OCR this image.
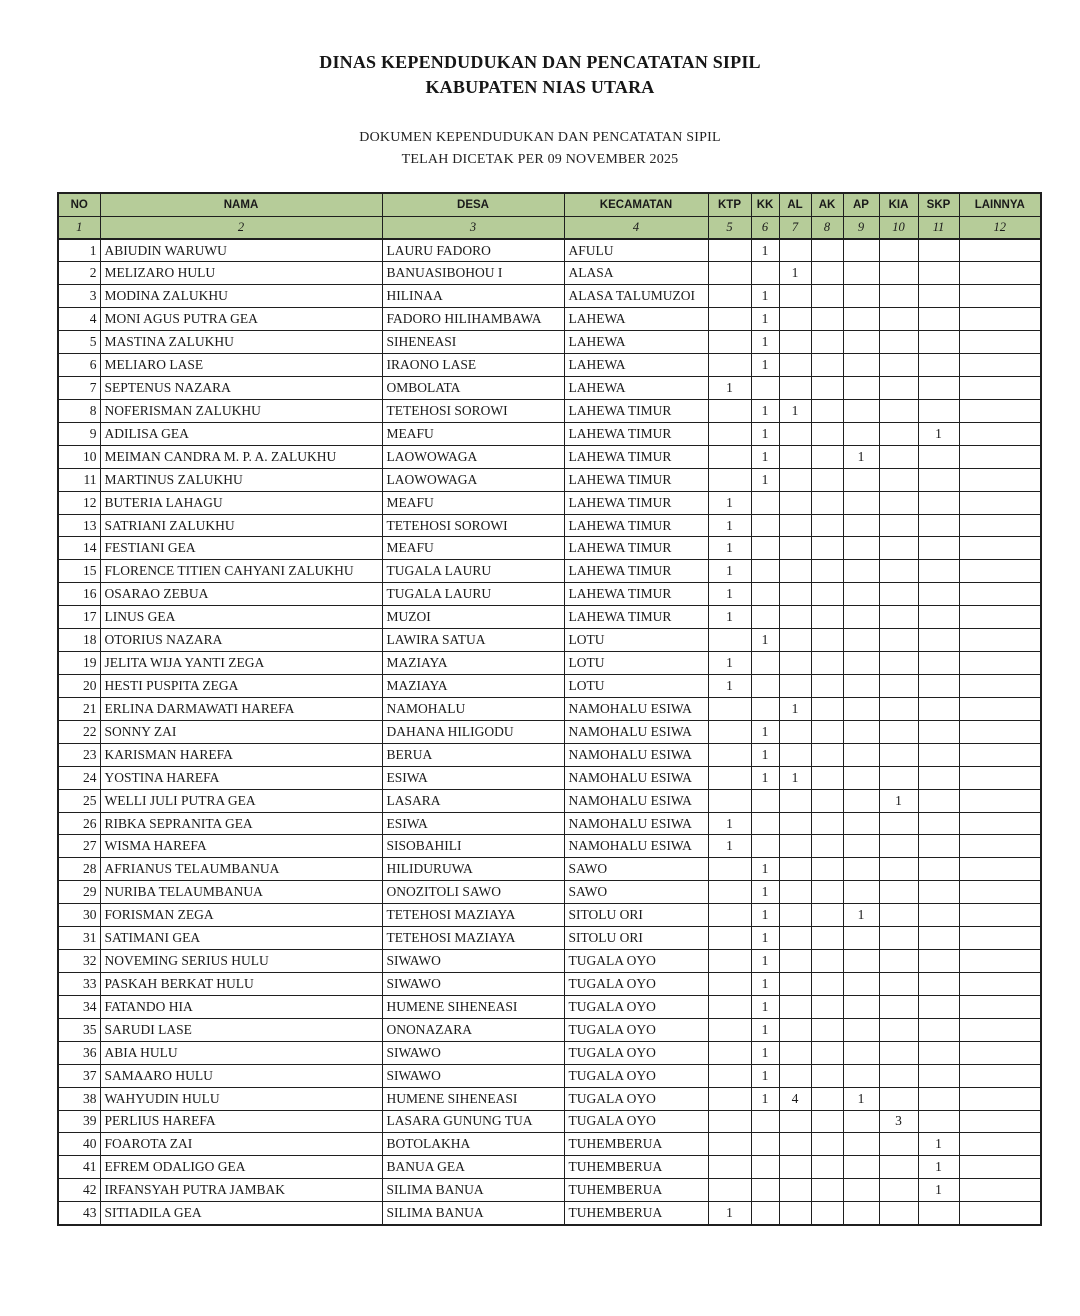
DINAS KEPENDUDUKAN DAN PENCATATAN SIPIL
KABUPATEN NIAS UTARA
DOKUMEN KEPENDUDUKAN DAN PENCATATAN SIPIL
TELAH DICETAK PER 09 NOVEMBER 2025
NO	NAMA	DESA	KECAMATAN	KTP	KK	AL	AK	AP	KIA	SKP	LAINNYA
1	2	3	4	5	6	7	8	9	10	11	12
1	ABIUDIN WARUWU	LAURU FADORO	AFULU		1						
2	MELIZARO HULU	BANUASIBOHOU I	ALASA			1					
3	MODINA ZALUKHU	HILINAA	ALASA TALUMUZOI		1						
4	MONI AGUS PUTRA GEA	FADORO HILIHAMBAWA	LAHEWA		1						
5	MASTINA ZALUKHU	SIHENEASI	LAHEWA		1						
6	MELIARO LASE	IRAONO LASE	LAHEWA		1						
7	SEPTENUS NAZARA	OMBOLATA	LAHEWA	1							
8	NOFERISMAN ZALUKHU	TETEHOSI SOROWI	LAHEWA TIMUR		1	1					
9	ADILISA GEA	MEAFU	LAHEWA TIMUR		1					1	
10	MEIMAN CANDRA M. P. A. ZALUKHU	LAOWOWAGA	LAHEWA TIMUR		1			1			
11	MARTINUS ZALUKHU	LAOWOWAGA	LAHEWA TIMUR		1						
12	BUTERIA LAHAGU	MEAFU	LAHEWA TIMUR	1							
13	SATRIANI ZALUKHU	TETEHOSI SOROWI	LAHEWA TIMUR	1							
14	FESTIANI GEA	MEAFU	LAHEWA TIMUR	1							
15	FLORENCE TITIEN CAHYANI ZALUKHU	TUGALA LAURU	LAHEWA TIMUR	1							
16	OSARAO ZEBUA	TUGALA LAURU	LAHEWA TIMUR	1							
17	LINUS GEA	MUZOI	LAHEWA TIMUR	1							
18	OTORIUS NAZARA	LAWIRA SATUA	LOTU		1						
19	JELITA WIJA YANTI ZEGA	MAZIAYA	LOTU	1							
20	HESTI PUSPITA ZEGA	MAZIAYA	LOTU	1							
21	ERLINA DARMAWATI HAREFA	NAMOHALU	NAMOHALU ESIWA			1					
22	SONNY ZAI	DAHANA HILIGODU	NAMOHALU ESIWA		1						
23	KARISMAN HAREFA	BERUA	NAMOHALU ESIWA		1						
24	YOSTINA HAREFA	ESIWA	NAMOHALU ESIWA		1	1					
25	WELLI JULI PUTRA GEA	LASARA	NAMOHALU ESIWA						1		
26	RIBKA SEPRANITA GEA	ESIWA	NAMOHALU ESIWA	1							
27	WISMA HAREFA	SISOBAHILI	NAMOHALU ESIWA	1							
28	AFRIANUS TELAUMBANUA	HILIDURUWA	SAWO		1						
29	NURIBA TELAUMBANUA	ONOZITOLI SAWO	SAWO		1						
30	FORISMAN ZEGA	TETEHOSI MAZIAYA	SITOLU ORI		1			1			
31	SATIMANI GEA	TETEHOSI MAZIAYA	SITOLU ORI		1						
32	NOVEMING SERIUS HULU	SIWAWO	TUGALA OYO		1						
33	PASKAH BERKAT HULU	SIWAWO	TUGALA OYO		1						
34	FATANDO HIA	HUMENE SIHENEASI	TUGALA OYO		1						
35	SARUDI LASE	ONONAZARA	TUGALA OYO		1						
36	ABIA HULU	SIWAWO	TUGALA OYO		1						
37	SAMAARO HULU	SIWAWO	TUGALA OYO		1						
38	WAHYUDIN HULU	HUMENE SIHENEASI	TUGALA OYO		1	4		1			
39	PERLIUS HAREFA	LASARA GUNUNG TUA	TUGALA OYO						3		
40	FOAROTA ZAI	BOTOLAKHA	TUHEMBERUA							1	
41	EFREM ODALIGO GEA	BANUA GEA	TUHEMBERUA							1	
42	IRFANSYAH PUTRA JAMBAK	SILIMA BANUA	TUHEMBERUA							1	
43	SITIADILA GEA	SILIMA BANUA	TUHEMBERUA	1							
